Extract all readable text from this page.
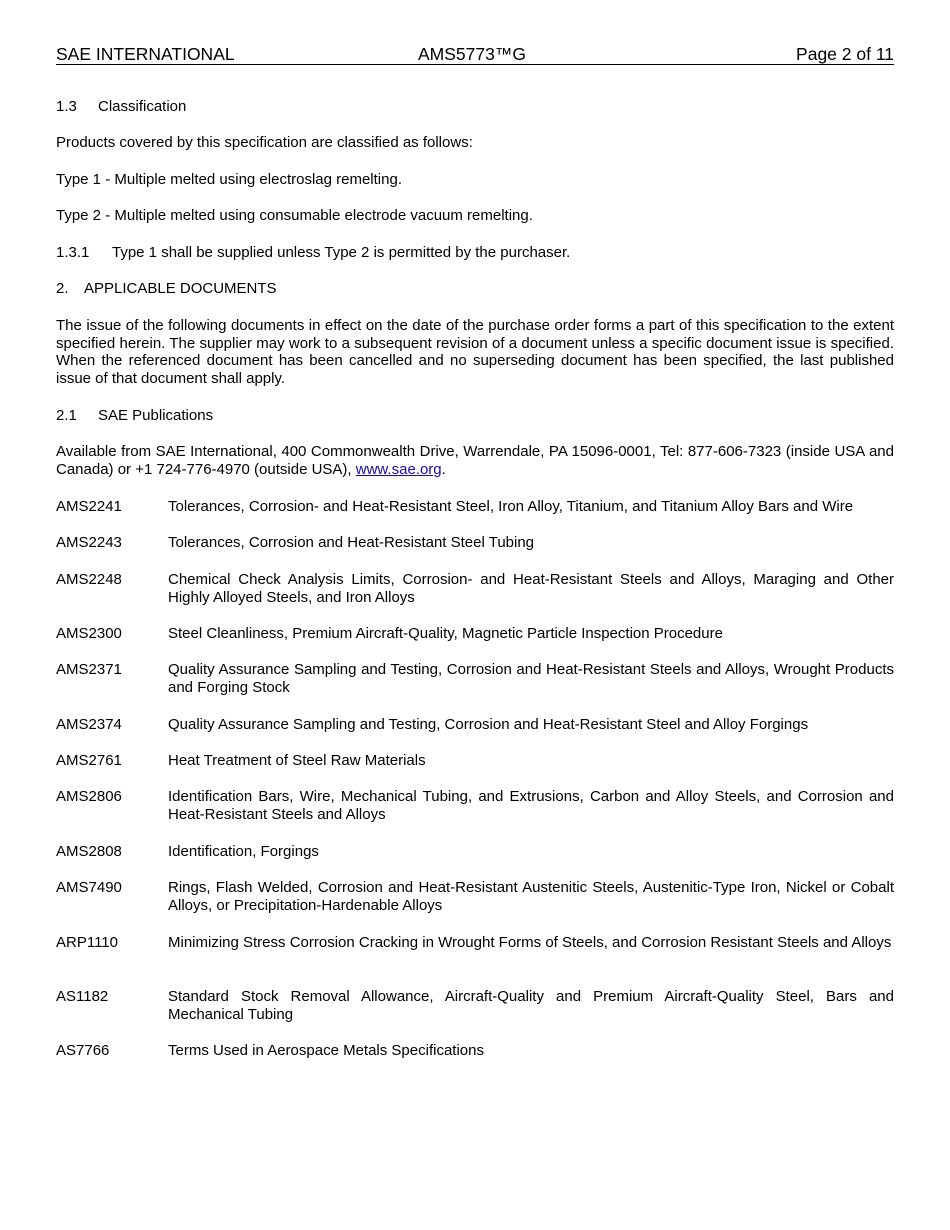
SAE INTERNATIONAL	AMS5773™G	Page 2 of 11
1.3 Classification
Products covered by this specification are classified as follows:
Type 1 - Multiple melted using electroslag remelting.
Type 2 - Multiple melted using consumable electrode vacuum remelting.
1.3.1 Type 1 shall be supplied unless Type 2 is permitted by the purchaser.
2. APPLICABLE DOCUMENTS
The issue of the following documents in effect on the date of the purchase order forms a part of this specification to the extent specified herein. The supplier may work to a subsequent revision of a document unless a specific document issue is specified. When the referenced document has been cancelled and no superseding document has been specified, the last published issue of that document shall apply.
2.1 SAE Publications
Available from SAE International, 400 Commonwealth Drive, Warrendale, PA 15096-0001, Tel: 877-606-7323 (inside USA and Canada) or +1 724-776-4970 (outside USA), www.sae.org.
AMS2241	Tolerances, Corrosion- and Heat-Resistant Steel, Iron Alloy, Titanium, and Titanium Alloy Bars and Wire
AMS2243	Tolerances, Corrosion and Heat-Resistant Steel Tubing
AMS2248	Chemical Check Analysis Limits, Corrosion- and Heat-Resistant Steels and Alloys, Maraging and Other Highly Alloyed Steels, and Iron Alloys
AMS2300	Steel Cleanliness, Premium Aircraft-Quality, Magnetic Particle Inspection Procedure
AMS2371	Quality Assurance Sampling and Testing, Corrosion and Heat-Resistant Steels and Alloys, Wrought Products and Forging Stock
AMS2374	Quality Assurance Sampling and Testing, Corrosion and Heat-Resistant Steel and Alloy Forgings
AMS2761	Heat Treatment of Steel Raw Materials
AMS2806	Identification Bars, Wire, Mechanical Tubing, and Extrusions, Carbon and Alloy Steels, and Corrosion and Heat-Resistant Steels and Alloys
AMS2808	Identification, Forgings
AMS7490	Rings, Flash Welded, Corrosion and Heat-Resistant Austenitic Steels, Austenitic-Type Iron, Nickel or Cobalt Alloys, or Precipitation-Hardenable Alloys
ARP1110	Minimizing Stress Corrosion Cracking in Wrought Forms of Steels, and Corrosion Resistant Steels and Alloys
AS1182	Standard Stock Removal Allowance, Aircraft-Quality and Premium Aircraft-Quality Steel, Bars and Mechanical Tubing
AS7766	Terms Used in Aerospace Metals Specifications
